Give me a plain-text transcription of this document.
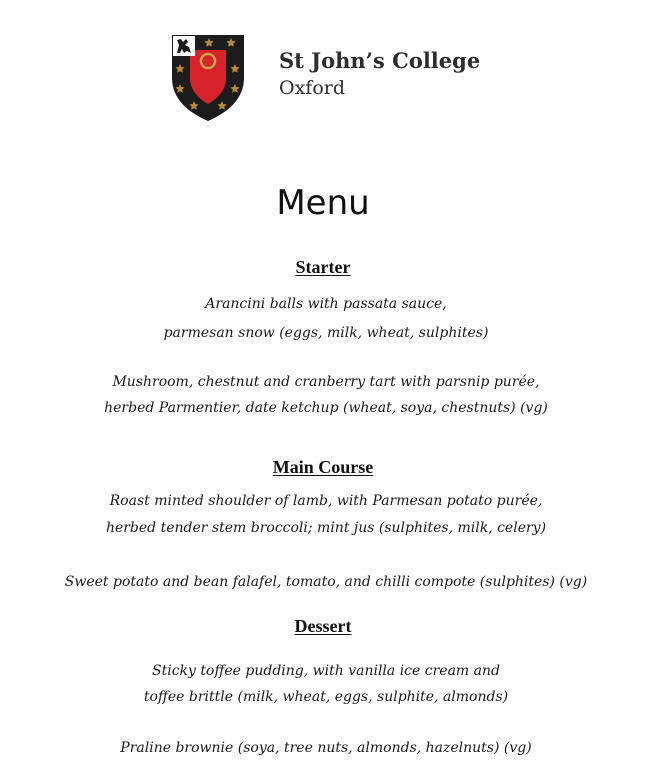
St John’s College
Oxford
Menu
Starter
Arancini balls with passata sauce,
parmesan snow (eggs, milk, wheat, sulphites)
Mushroom, chestnut and cranberry tart with parsnip purée,
herbed Parmentier, date ketchup (wheat, soya, chestnuts) (vg)
Main Course
Roast minted shoulder of lamb, with Parmesan potato purée,
herbed tender stem broccoli; mint jus (sulphites, milk, celery)
Sweet potato and bean falafel, tomato, and chilli compote (sulphites) (vg)
Dessert
Sticky toffee pudding, with vanilla ice cream and
toffee brittle (milk, wheat, eggs, sulphite, almonds)
Praline brownie (soya, tree nuts, almonds, hazelnuts) (vg)
